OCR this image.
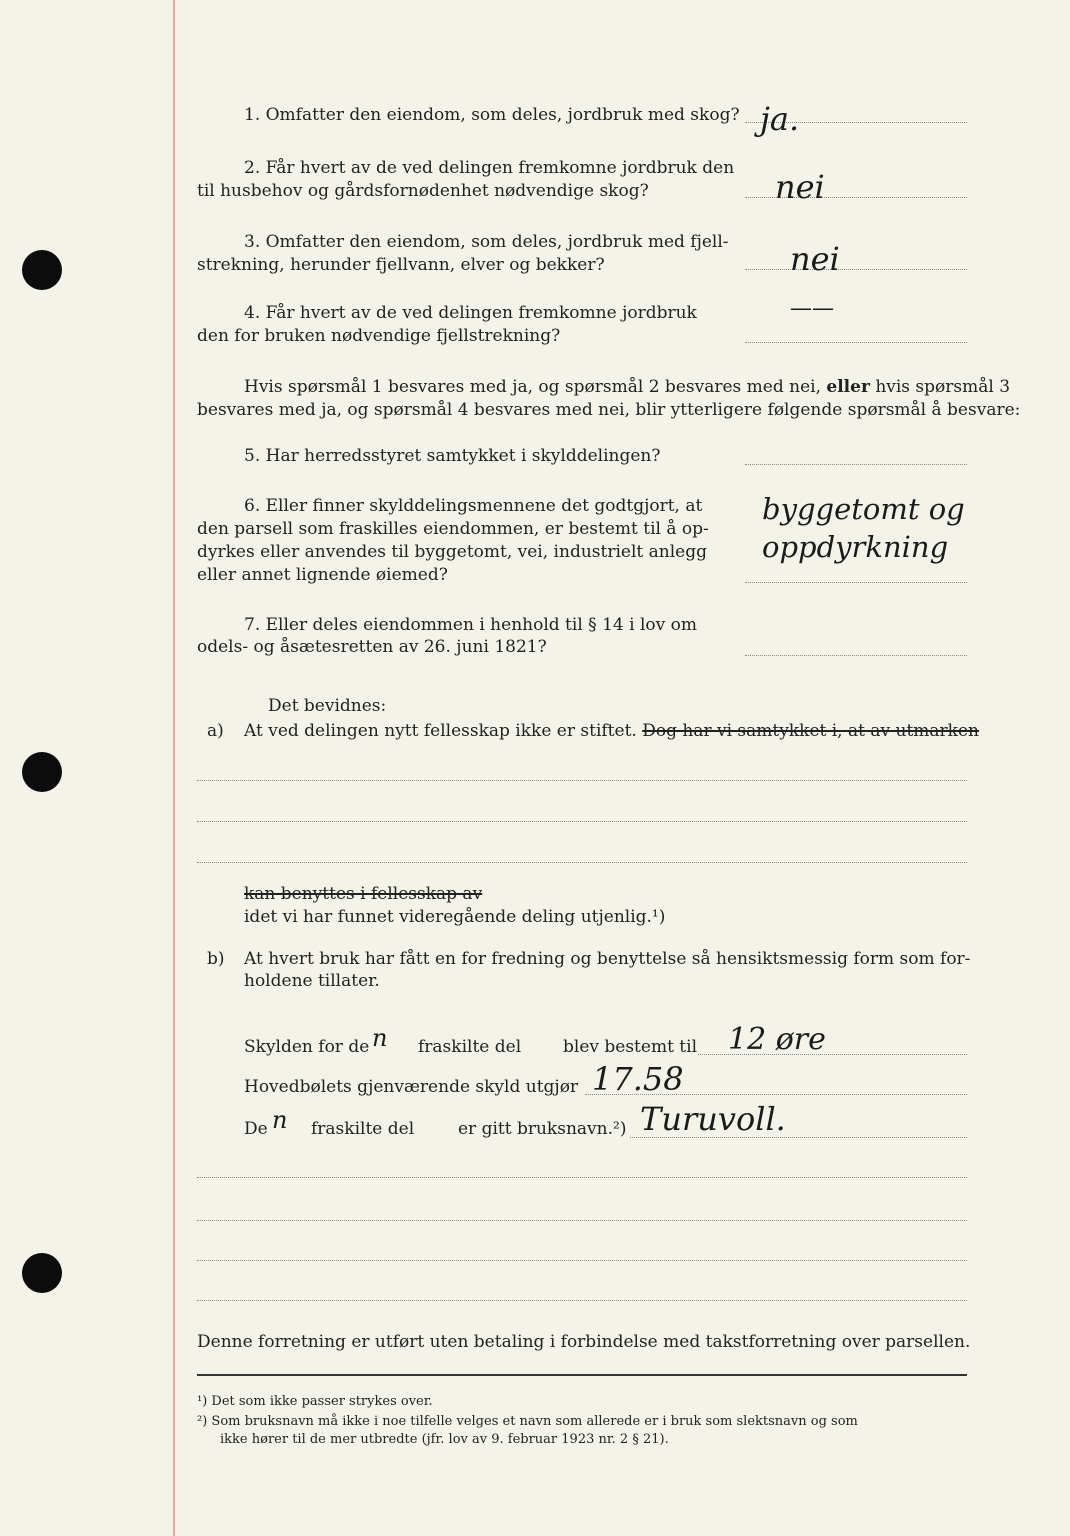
1. Omfatter den eiendom, som deles, jordbruk med skog? ja.
2. Får hvert av de ved delingen fremkomne jordbruk den
til husbehov og gårdsfornødenhet nødvendige skog?	nei
3. Omfatter den eiendom, som deles, jordbruk med fjell-
strekning, herunder fjellvann, elver og bekker?	nei
4. Får hvert av de ved delingen fremkomne jordbruk
den for bruken nødvendige fjellstrekning?
——
Hvis spørsmål 1 besvares med ja, og spørsmål 2 besvares med nei, eller hvis spørsmål 3
besvares med ja, og spørsmål 4 besvares med nei, blir ytterligere følgende spørsmål å besvare:
5. Har herredsstyret samtykket i skylddelingen?
6. Eller finner skylddelingsmennene det godtgjort, at
den parsell som fraskilles eiendommen, er bestemt til å op-
dyrkes eller anvendes til byggetomt, vei, industrielt anlegg
eller annet lignende øiemed?
byggetomt og
oppdyrkning
7. Eller deles eiendommen i henhold til § 14 i lov om
odels- og åsætesretten av 26. juni 1821?
Det bevidnes:
a) At ved delingen nytt fellesskap ikke er stiftet. Dog har vi samtykket i, at av utmarken
kan benyttes i fellesskap av
idet vi har funnet videregående deling utjenlig.¹)
b) At hvert bruk har fått en for fredning og benyttelse så hensiktsmessig form som for-
holdene tillater.
Skylden for de n fraskilte del blev bestemt til 12 øre
Hovedbølets gjenværende skyld utgjør 17.58
De n fraskilte del	er gitt bruksnavn.²) Turuvoll.
Denne forretning er utført uten betaling i forbindelse med takstforretning over parsellen.
¹) Det som ikke passer strykes over.
²) Som bruksnavn må ikke i noe tilfelle velges et navn som allerede er i bruk som slektsnavn og som
ikke hører til de mer utbredte (jfr. lov av 9. februar 1923 nr. 2 § 21).
